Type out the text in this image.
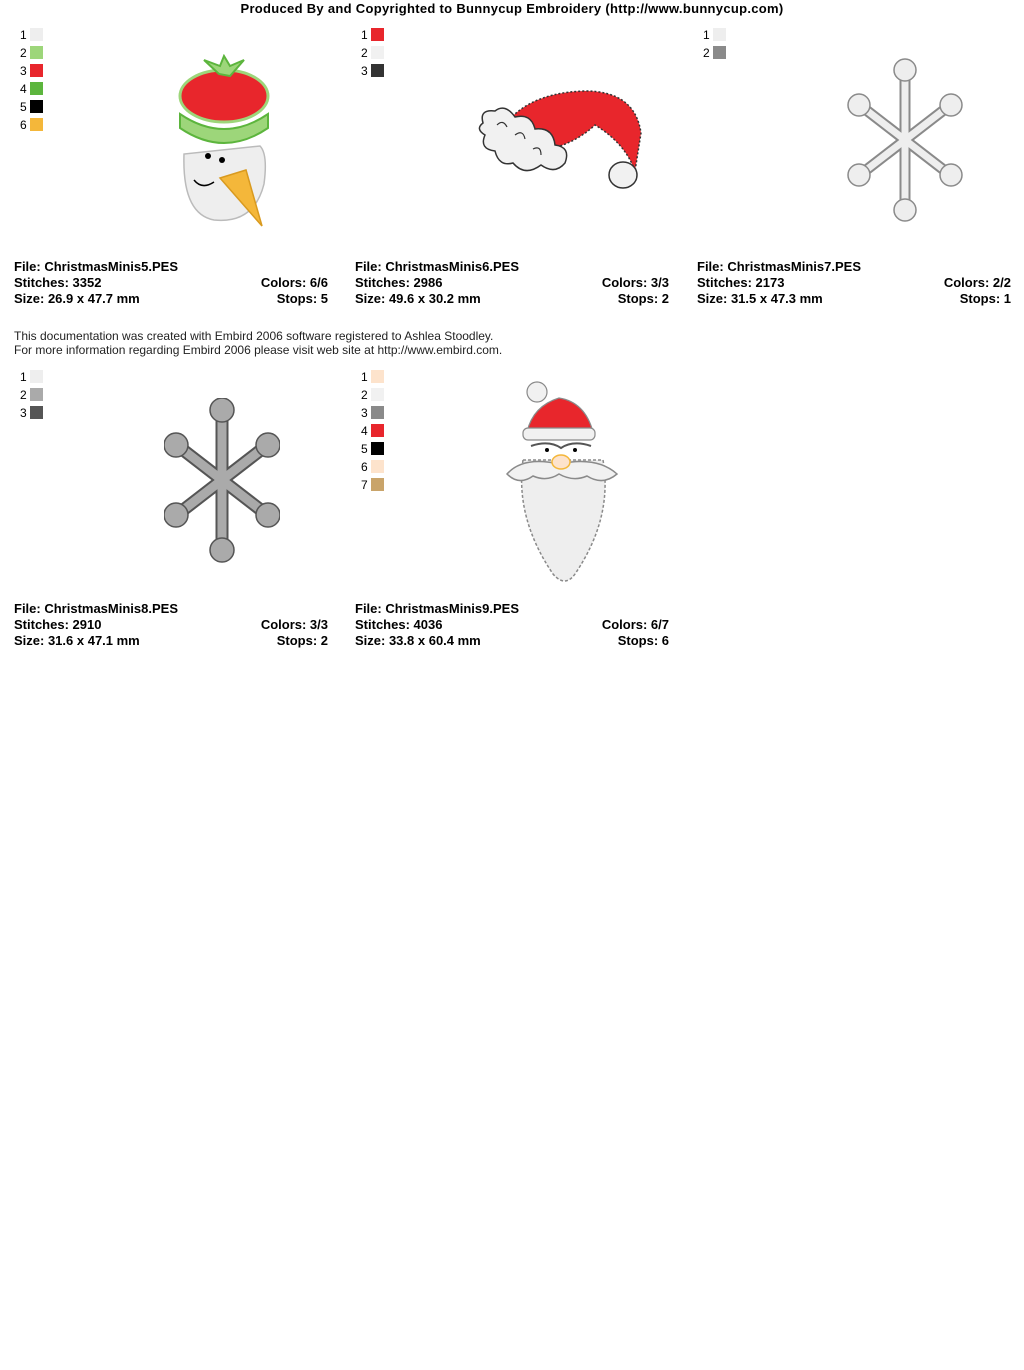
Produced By and Copyrighted to Bunnycup Embroidery (http://www.bunnycup.com)
1
2
3
4
5
6
File: ChristmasMinis5.PES
Stitches: 3352	Colors: 6/6
Size: 26.9 x 47.7 mm	Stops: 5
1
2
3
File: ChristmasMinis6.PES
Stitches: 2986	Colors: 3/3
Size: 49.6 x 30.2 mm	Stops: 2
1
2
File: ChristmasMinis7.PES
Stitches: 2173	Colors: 2/2
Size: 31.5 x 47.3 mm	Stops: 1
This documentation was created with Embird 2006 software registered to Ashlea Stoodley.
For more information regarding Embird 2006 please visit web site at http://www.embird.com.
1
2
3
File: ChristmasMinis8.PES
Stitches: 2910	Colors: 3/3
Size: 31.6 x 47.1 mm	Stops: 2
1
2
3
4
5
6
7
File: ChristmasMinis9.PES
Stitches: 4036	Colors: 6/7
Size: 33.8 x 60.4 mm	Stops: 6
